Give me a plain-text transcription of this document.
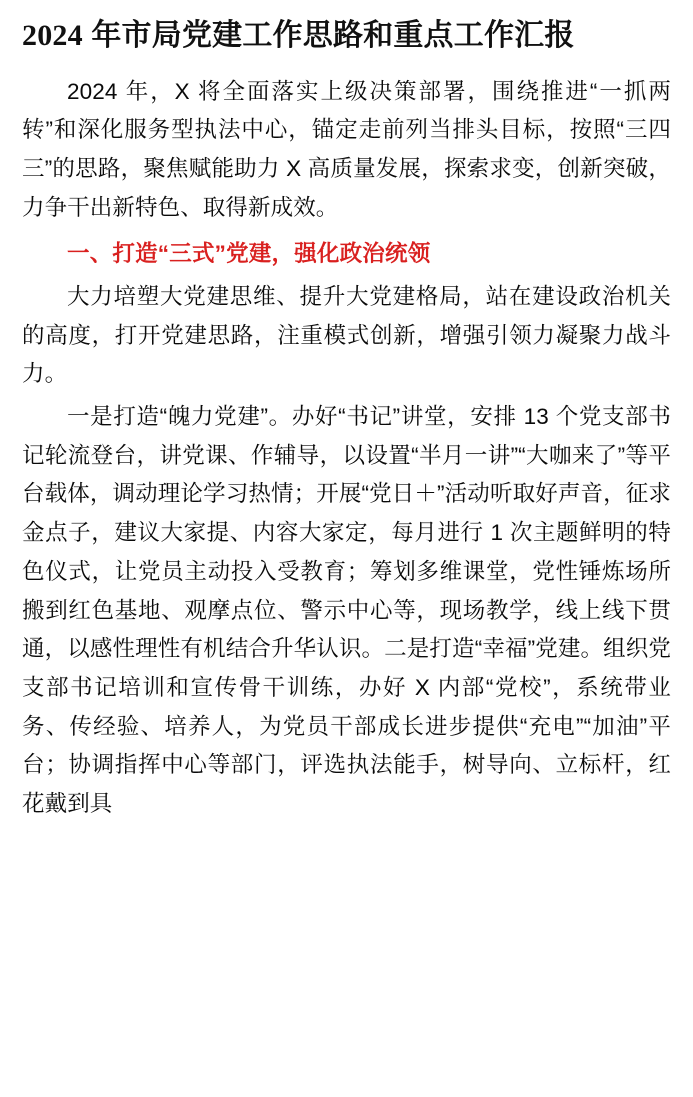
2024 年市局党建工作思路和重点工作汇报

2024 年，X 将全面落实上级决策部署，围绕推进“一抓两转”和深化服务型执法中心，锚定走前列当排头目标，按照“三四三”的思路，聚焦赋能助力 X 高质量发展，探索求变，创新突破，力争干出新特色、取得新成效。

一、打造“三式”党建，强化政治统领

大力培塑大党建思维、提升大党建格局，站在建设政治机关的高度，打开党建思路，注重模式创新，增强引领力凝聚力战斗力。

一是打造“魄力党建”。办好“书记”讲堂，安排 13 个党支部书记轮流登台，讲党课、作辅导，以设置“半月一讲”“大咖来了”等平台载体，调动理论学习热情；开展“党日＋”活动听取好声音，征求金点子，建议大家提、内容大家定，每月进行 1 次主题鲜明的特色仪式，让党员主动投入受教育；筹划多维课堂，党性锤炼场所搬到红色基地、观摩点位、警示中心等，现场教学，线上线下贯通，以感性理性有机结合升华认识。二是打造“幸福”党建。组织党支部书记培训和宣传骨干训练，办好 X 内部“党校”，系统带业务、传经验、培养人，为党员干部成长进步提供“充电”“加油”平台；协调指挥中心等部门，评选执法能手，树导向、立标杆，红花戴到具
